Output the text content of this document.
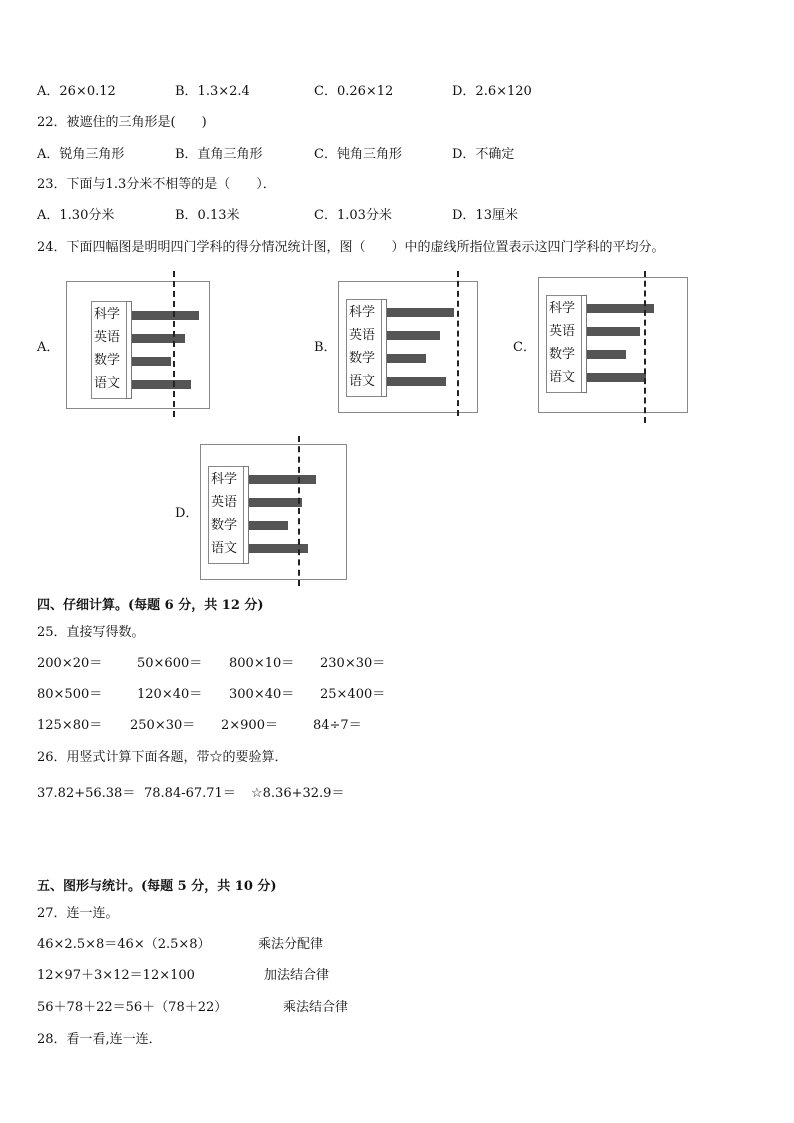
A．26×0.12	B．1.3×2.4	C．0.26×12	D．2.6×120
22．被遮住的三角形是(　　)
A．锐角三角形	B．直角三角形	C．钝角三角形	D．不确定
23．下面与1.3分米不相等的是（　　）．
A．1.30分米	B．0.13米	C．1.03分米	D．13厘米
24．下面四幅图是明明四门学科的得分情况统计图，图（　　）中的虚线所指位置表示这四门学科的平均分。
A．
科学
英语
数学
语文
B．
科学
英语
数学
语文
C．
科学
英语
数学
语文
D．
科学
英语
数学
语文
四、仔细计算。(每题 6 分，共 12 分)
25．直接写得数。
200×20＝	50×600＝ 800×10＝ 230×30＝
80×500＝	120×40＝ 300×40＝ 25×400＝
125×80＝ 250×30＝ 2×900＝	84÷7＝
26．用竖式计算下面各题，带☆的要验算．
37.82+56.38＝ 78.84-67.71＝ ☆8.36+32.9＝
五、图形与统计。(每题 5 分，共 10 分)
27．连一连。
46×2.5×8＝46×（2.5×8）	乘法分配律
12×97＋3×12＝12×100	加法结合律
56＋78＋22＝56＋（78＋22）	乘法结合律
28．看一看,连一连．
